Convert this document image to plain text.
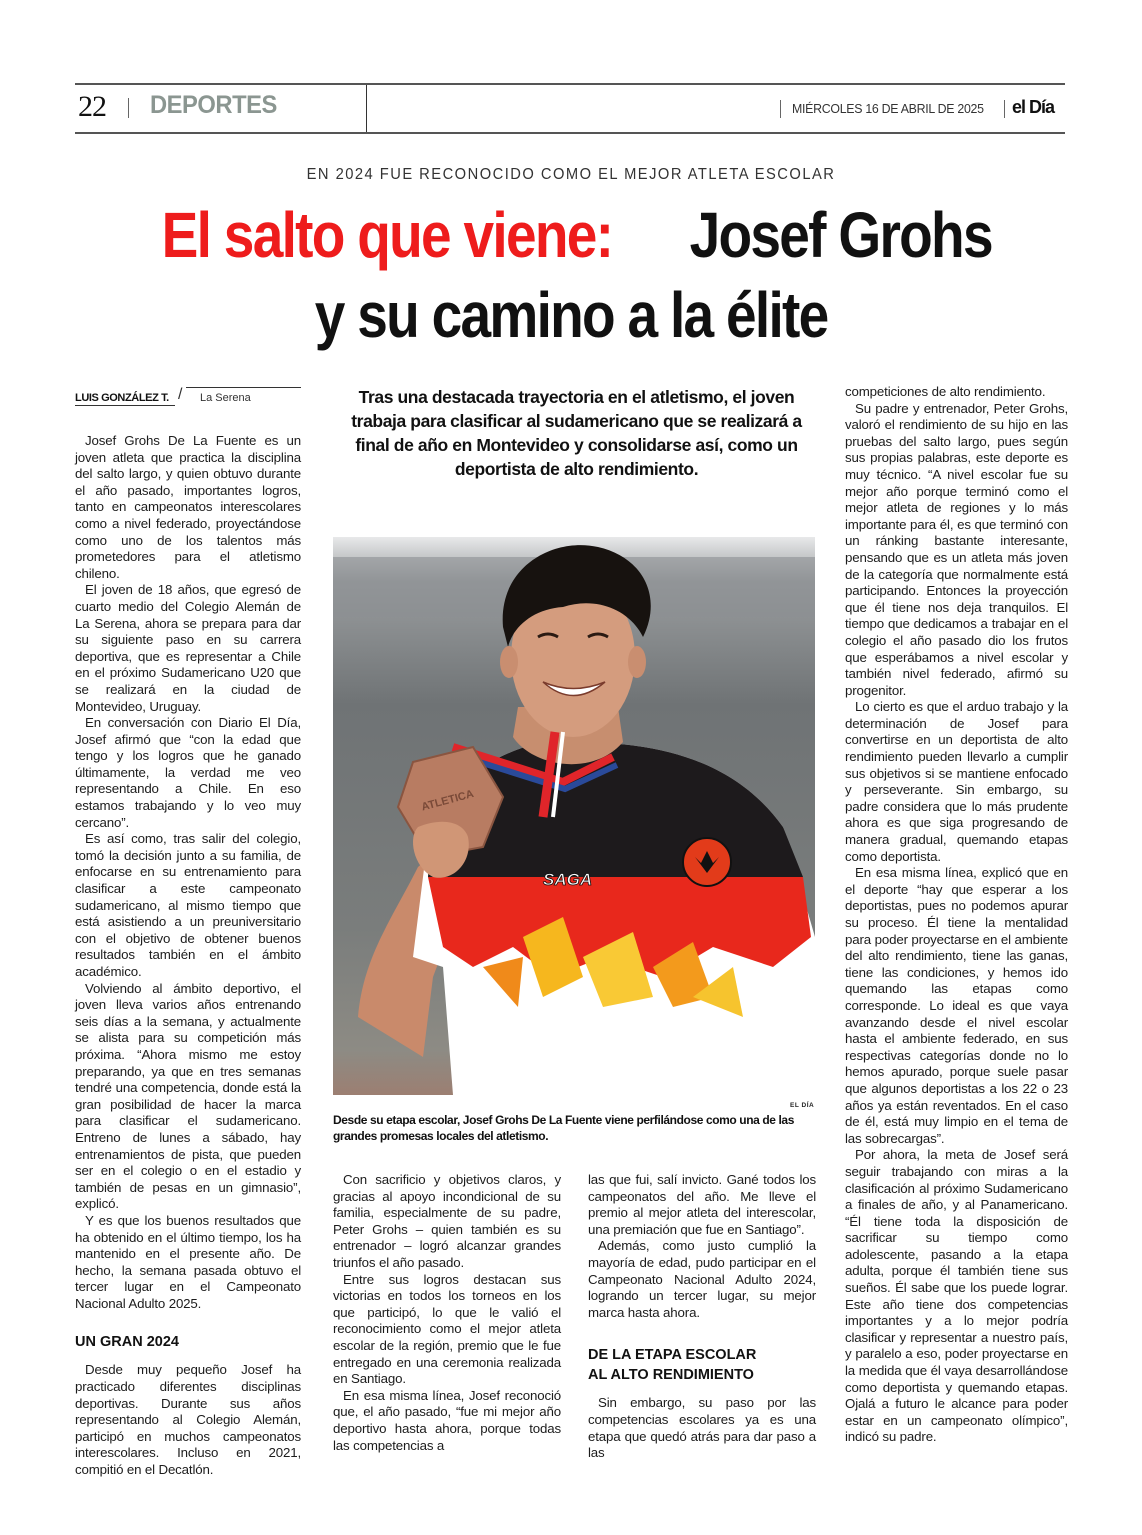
22 DEPORTES	MIÉRCOLES 16 DE ABRIL DE 2025 el Día
EN 2024 FUE RECONOCIDO COMO EL MEJOR ATLETA ESCOLAR
El salto que viene: Josef Grohs
y su camino a la élite
LUIS GONZÁLEZ T. / La Serena	Tras una destacada trayectoria en el atletismo, el joven trabaja para clasificar al sudamericano que se realizará a final de año en Montevideo y consolidarse así, como un deportista de alto rendimiento.
SAGA
ATLETICA
EL DÍA
Desde su etapa escolar, Josef Grohs De La Fuente viene perfilándose como una de las grandes promesas locales del atletismo.

Josef Grohs De La Fuente es un joven atleta que practica la disciplina del salto largo, y quien obtuvo durante el año pasado, importantes logros, tanto en campeonatos interescolares como a nivel federado, proyectándose como uno de los talentos más prometedores para el atletismo chileno.

El joven de 18 años, que egresó de cuarto medio del Colegio Alemán de La Serena, ahora se prepara para dar su siguiente paso en su carrera deportiva, que es representar a Chile en el próximo Sudamericano U20 que se realizará en la ciudad de Montevideo, Uruguay.

En conversación con Diario El Día, Josef afirmó que “con la edad que tengo y los logros que he ganado últimamente, la verdad me veo representando a Chile. En eso estamos trabajando y lo veo muy cercano”.

Es así como, tras salir del colegio, tomó la decisión junto a su familia, de enfocarse en su entrenamiento para clasificar a este campeonato sudamericano, al mismo tiempo que está asistiendo a un preuniversitario con el objetivo de obtener buenos resultados también en el ámbito académico.

Volviendo al ámbito deportivo, el joven lleva varios años entrenando seis días a la semana, y actualmente se alista para su competición más próxima. “Ahora mismo me estoy preparando, ya que en tres semanas tendré una competencia, donde está la gran posibilidad de hacer la marca para clasificar el sudamericano. Entreno de lunes a sábado, hay entrenamientos de pista, que pueden ser en el colegio o en el estadio y también de pesas en un gimnasio”, explicó.

Y es que los buenos resultados que ha obtenido en el último tiempo, los ha mantenido en el presente año. De hecho, la semana pasada obtuvo el tercer lugar en el Campeonato Nacional Adulto 2025.

UN GRAN 2024

Desde muy pequeño Josef ha practicado diferentes disciplinas deportivas. Durante sus años representando al Colegio Alemán, participó en muchos campeonatos interescolares. Incluso en 2021, compitió en el Decatlón.

Con sacrificio y objetivos claros, y gracias al apoyo incondicional de su familia, especialmente de su padre, Peter Grohs – quien también es su entrenador – logró alcanzar grandes triunfos el año pasado.

Entre sus logros destacan sus victorias en todos los torneos en los que participó, lo que le valió el reconocimiento como el mejor atleta escolar de la región, premio que le fue entregado en una ceremonia realizada en Santiago.

En esa misma línea, Josef reconoció que, el año pasado, “fue mi mejor año deportivo hasta ahora, porque todas las competencias a

las que fui, salí invicto. Gané todos los campeonatos del año. Me lleve el premio al mejor atleta del interescolar, una premiación que fue en Santiago”.

Además, como justo cumplió la mayoría de edad, pudo participar en el Campeonato Nacional Adulto 2024, logrando un tercer lugar, su mejor marca hasta ahora.

DE LA ETAPA ESCOLAR
AL ALTO RENDIMIENTO

Sin embargo, su paso por las competencias escolares ya es una etapa que quedó atrás para dar paso a las

competiciones de alto rendimiento.

Su padre y entrenador, Peter Grohs, valoró el rendimiento de su hijo en las pruebas del salto largo, pues según sus propias palabras, este deporte es muy técnico. “A nivel escolar fue su mejor año porque terminó como el mejor atleta de regiones y lo más importante para él, es que terminó con un ránking bastante interesante, pensando que es un atleta más joven de la categoría que normalmente está participando. Entonces la proyección que él tiene nos deja tranquilos. El tiempo que dedicamos a trabajar en el colegio el año pasado dio los frutos que esperábamos a nivel escolar y también nivel federado, afirmó su progenitor.

Lo cierto es que el arduo trabajo y la determinación de Josef para convertirse en un deportista de alto rendimiento pueden llevarlo a cumplir sus objetivos si se mantiene enfocado y perseverante. Sin embargo, su padre considera que lo más prudente ahora es que siga progresando de manera gradual, quemando etapas como deportista.

En esa misma línea, explicó que en el deporte “hay que esperar a los deportistas, pues no podemos apurar su proceso. Él tiene la mentalidad para poder proyectarse en el ambiente del alto rendimiento, tiene las ganas, tiene las condiciones, y hemos ido quemando las etapas como corresponde. Lo ideal es que vaya avanzando desde el nivel escolar hasta el ambiente federado, en sus respectivas categorías donde no lo hemos apurado, porque suele pasar que algunos deportistas a los 22 o 23 años ya están reventados. En el caso de él, está muy limpio en el tema de las sobrecargas”.

Por ahora, la meta de Josef será seguir trabajando con miras a la clasificación al próximo Sudamericano a finales de año, y al Panamericano. “Él tiene toda la disposición de sacrificar su tiempo como adolescente, pasando a la etapa adulta, porque él también tiene sus sueños. Él sabe que los puede lograr. Este año tiene dos competencias importantes y a lo mejor podría clasificar y representar a nuestro país, y paralelo a eso, poder proyectarse en la medida que él vaya desarrollándose como deportista y quemando etapas. Ojalá a futuro le alcance para poder estar en un campeonato olímpico”, indicó su padre.
